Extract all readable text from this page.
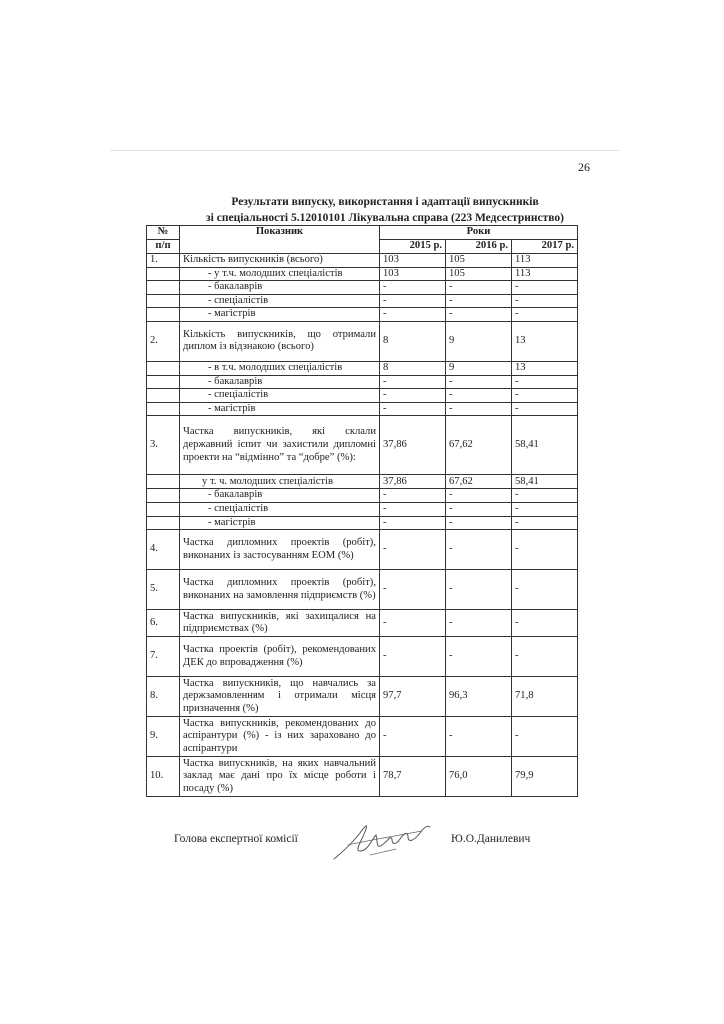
26
Результати випуску, використання і адаптації випускників
зі спеціальності 5.12010101 Лікувальна справа (223 Медсестринство)
№	Показник	Роки		
п/п		2015 р.	2016 р.	2017 р.
1.	Кількість випускників (всього)	103	105	113
	- у т.ч. молодших спеціалістів	103	105	113
	- бакалаврів	-	-	-
	- спеціалістів	-	-	-
	- магістрів	-	-	-
2.	Кількість випускників, що отримали диплом із відзнакою (всього)	8	9	13
	- в т.ч. молодших спеціалістів	8	9	13
	- бакалаврів	-	-	-
	- спеціалістів	-	-	-
	- магістрів	-	-	-
3.	Частка випускників, які склали державний іспит чи захистили дипломні проекти на “відмінно” та “добре” (%):	37,86	67,62	58,41
	у т. ч. молодших спеціалістів	37,86	67,62	58,41
	- бакалаврів	-	-	-
	- спеціалістів	-	-	-
	- магістрів	-	-	-
4.	Частка дипломних проектів (робіт), виконаних із застосуванням ЕОМ (%)	-	-	-
5.	Частка дипломних проектів (робіт), виконаних на замовлення підприємств (%)	-	-	-
6.	Частка випускників, які захищалися на підприємствах (%)	-	-	-
7.	Частка проектів (робіт), рекомендованих ДЕК до впровадження (%)	-	-	-
8.	Частка випускників, що навчались за держзамовленням і отримали місця призначення (%)	97,7	96,3	71,8
9.	Частка випускників, рекомендованих до аспірантури (%) - із них зараховано до аспірантури	-	-	-
10.	Частка випускників, на яких навчальний заклад має дані про їх місце роботи і посаду (%)	78,7	76,0	79,9
Голова експертної комісії	Ю.О.Данилевич
